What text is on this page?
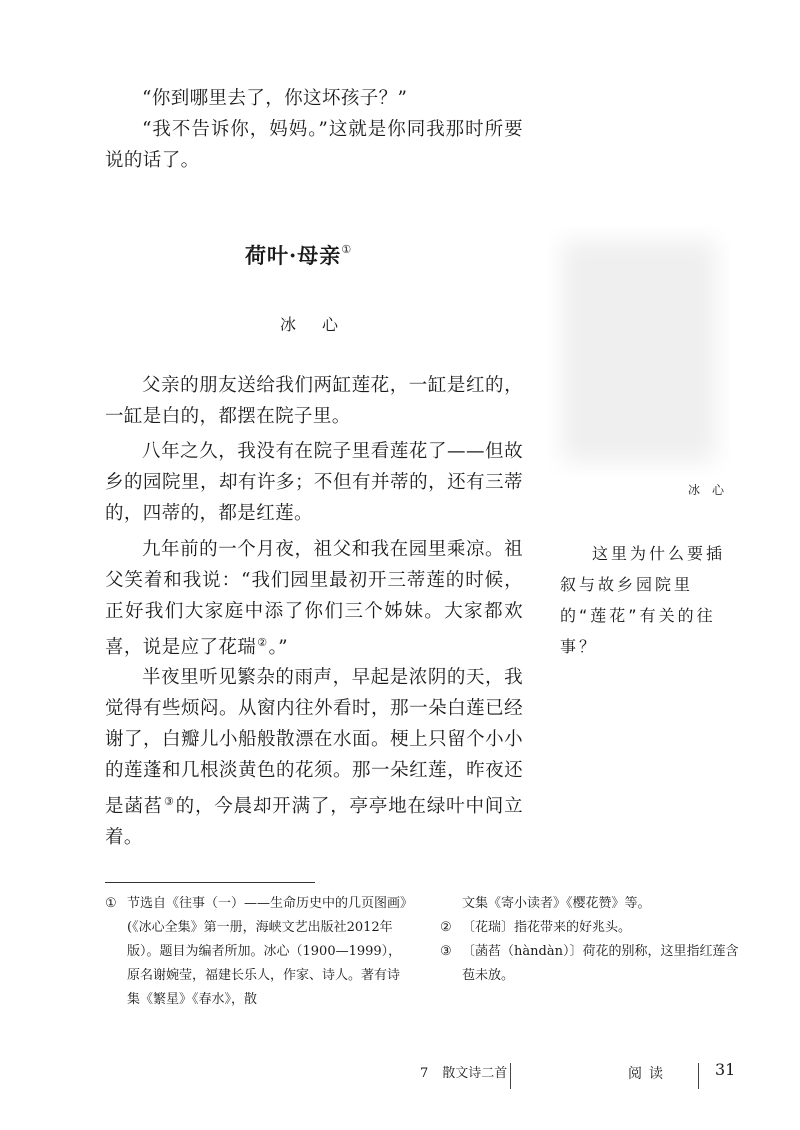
“你到哪里去了，你这坏孩子？”

“我不告诉你，妈妈。”这就是你同我那时所要说的话了。

荷叶·母亲①
冰心

父亲的朋友送给我们两缸莲花，一缸是红的，一缸是白的，都摆在院子里。

八年之久，我没有在院子里看莲花了——但故乡的园院里，却有许多；不但有并蒂的，还有三蒂的，四蒂的，都是红莲。

九年前的一个月夜，祖父和我在园里乘凉。祖父笑着和我说：“我们园里最初开三蒂莲的时候，正好我们大家庭中添了你们三个姊妹。大家都欢喜，说是应了花瑞②。”

半夜里听见繁杂的雨声，早起是浓阴的天，我觉得有些烦闷。从窗内往外看时，那一朵白莲已经谢了，白瓣儿小船般散漂在水面。梗上只留个小小的莲蓬和几根淡黄色的花须。那一朵红莲，昨夜还是菡萏③的，今晨却开满了，亭亭地在绿叶中间立着。

冰心
这里为什么要插叙与故乡园院里的“莲花”有关的往事？

① 节选自《往事（一）——生命历史中的几页图画》(《冰心全集》第一册，海峡文艺出版社2012年版）。题目为编者所加。冰心（1900—1999），原名谢婉莹，福建长乐人，作家、诗人。著有诗集《繁星》《春水》，散

文集《寄小读者》《樱花赞》等。

② 〔花瑞〕指花带来的好兆头。

③ 〔菡萏（hàndàn）〕荷花的别称，这里指红莲含苞未放。

7 散文诗二首	阅读	31
